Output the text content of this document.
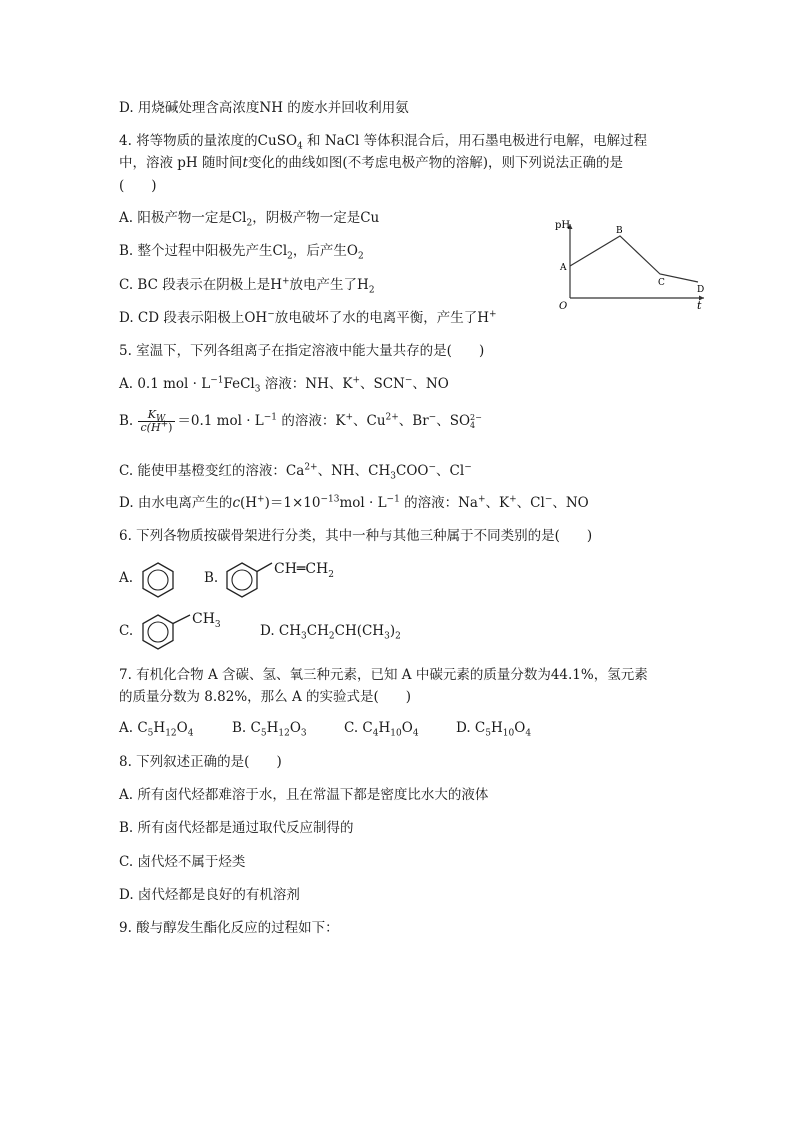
D. 用烧碱处理含高浓度NH 的废水并回收利用氨
4. 将等物质的量浓度的CuSO$_4$ 和 NaCl 等体积混合后，用石墨电极进行电解，电解过程
中，溶液 pH 随时间t变化的曲线如图(不考虑电极产物的溶解)，则下列说法正确的是
(　　)
A. 阳极产物一定是$Cl_2$，阴极产物一定是Cu
B. 整个过程中阳极先产生$Cl_2$，后产生$O_2$
C. BC 段表示在阴极上是H+放电产生了$H_2$
D. CD 段表示阳极上OH−放电破坏了水的电离平衡，产生了H+
pH
t
O
A
B
C
D
5. 室温下，下列各组离子在指定溶液中能大量共存的是(　　)
A. 0.1 mol · $L^{-1}FeCl_3$ 溶液：NH、K+、SCN−、NO
B. $\frac{K_W}{c(H^+)} =0.1$ mol · $L^{-1}$ 的溶液：K+、$Cu^{2+}$、Br−、SO 2−
4
C. 能使甲基橙变红的溶液：$Ca^{2+}$、NH、$CH_3COO^-$、Cl−
D. 由水电离产生的$c(H^+)=1\times 10^{-13}mol \cdot L^{-1}$ 的溶液：Na+、K+、Cl−、NO
6. 下列各物质按碳骨架进行分类，其中一种与其他三种属于不同类别的是(　　)
A.	B.
$CH═CH_2$
C.
$CH_3$	D. $CH_3CH_2CH(CH_3)_2$
7. 有机化合物 A 含碳、氢、氧三种元素，已知 A 中碳元素的质量分数为44.1%，氢元素
的质量分数为 8.82%，那么 A 的实验式是(　　)
A. $C_5H_{12}O_4$	B. $C_5H_{12}O_3$	C. $C_4H_{10}O_4$	D. $C_5H_{10}O_4$
8. 下列叙述正确的是(　　)
A. 所有卤代烃都难溶于水，且在常温下都是密度比水大的液体
B. 所有卤代烃都是通过取代反应制得的
C. 卤代烃不属于烃类
D. 卤代烃都是良好的有机溶剂
9. 酸与醇发生酯化反应的过程如下：
